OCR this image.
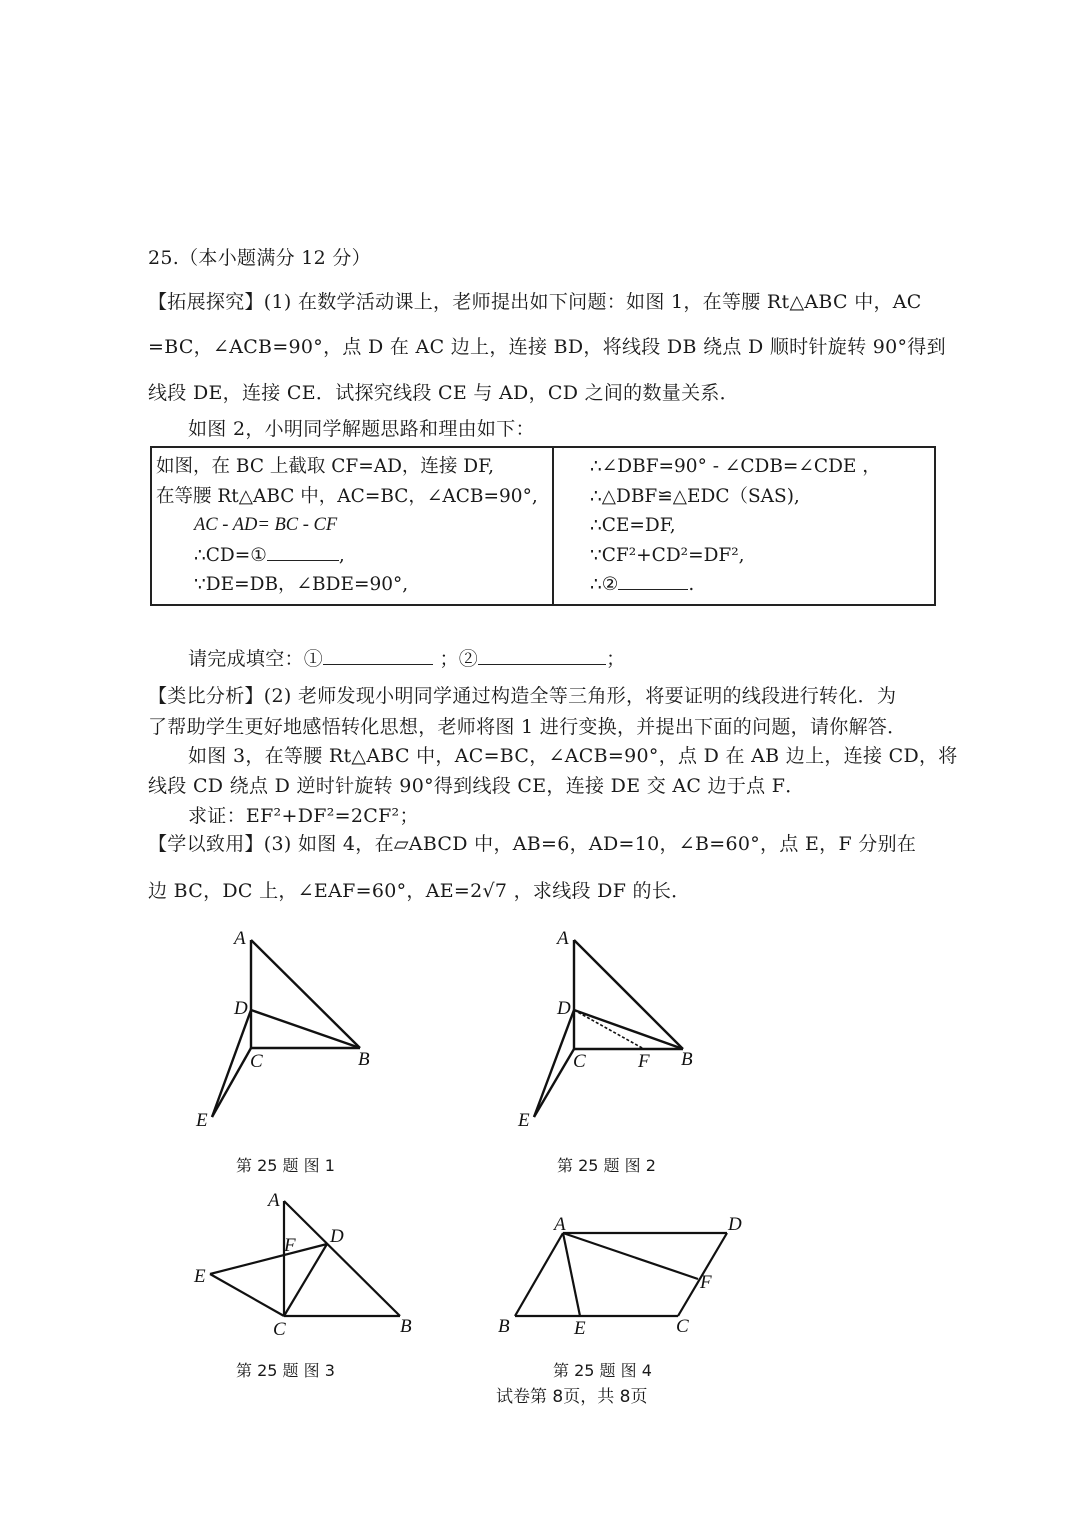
25.（本小题满分 12 分）
【拓展探究】(1) 在数学活动课上，老师提出如下问题：如图 1，在等腰 Rt△ABC 中，AC
=BC，∠ACB=90°，点 D 在 AC 边上，连接 BD，将线段 DB 绕点 D 顺时针旋转 90°得到
线段 DE，连接 CE．试探究线段 CE 与 AD，CD 之间的数量关系．
如图 2，小明同学解题思路和理由如下：
如图，在 BC 上截取 CF=AD，连接 DF,
在等腰 Rt△ABC 中，AC=BC，∠ACB=90°,
AC - AD= BC - CF
∴CD=①	,
∵DE=DB，∠BDE=90°,

∴∠DBF=90° - ∠CDB=∠CDE ，
∴△DBF≌△EDC（SAS),
∴CE=DF,
∵CF²+CD²=DF²,
∴②	.
请完成填空：①	；②	；
【类比分析】(2) 老师发现小明同学通过构造全等三角形，将要证明的线段进行转化．为
了帮助学生更好地感悟转化思想，老师将图 1 进行变换，并提出下面的问题，请你解答．
如图 3，在等腰 Rt△ABC 中，AC=BC，∠ACB=90°，点 D 在 AB 边上，连接 CD，将
线段 CD 绕点 D 逆时针旋转 90°得到线段 CE，连接 DE 交 AC 边于点 F．
求证：EF²+DF²=2CF²；
【学以致用】(3) 如图 4，在▱ABCD 中，AB=6，AD=10，∠B=60°，点 E，F 分别在
边 BC，DC 上，∠EAF=60°，AE=2√7 ，求线段 DF 的长．
A
D
C	B
E
第 25 题 图 1
A
D
C	F B
E
第 25 题 图 2
A
F D
E
C	B
第 25 题 图 3
A	D
F
B	E	C
第 25 题 图 4
试卷第 8页，共 8页
